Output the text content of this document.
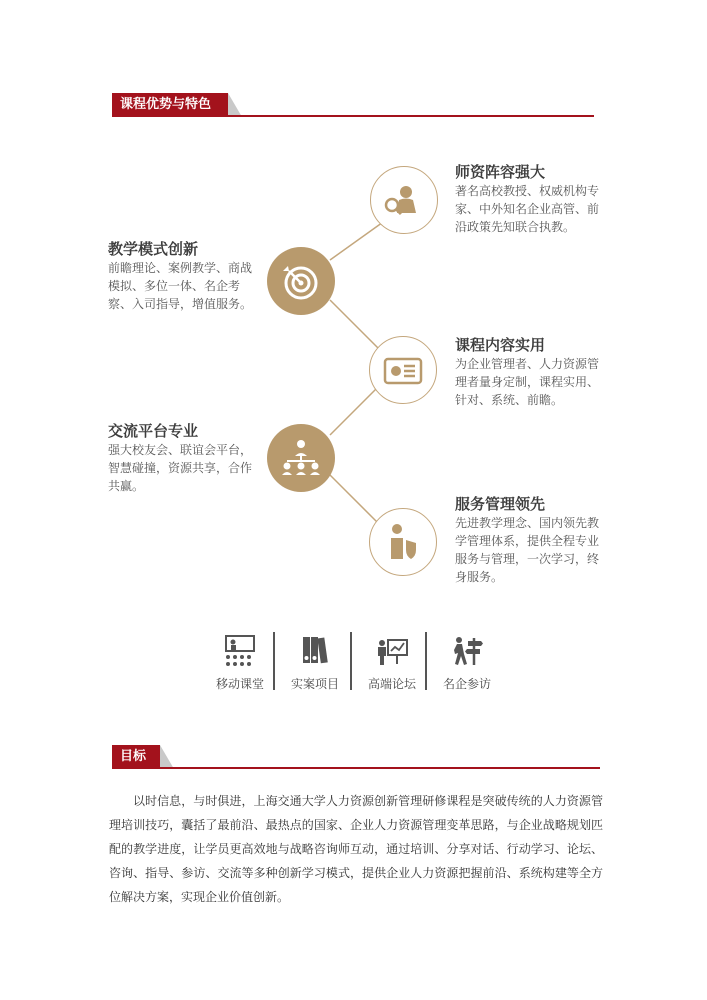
课程优势与特色
师资阵容强大
著名高校教授、权威机构专家、中外知名企业高管、前沿政策先知联合执教。
教学模式创新
前瞻理论、案例教学、商战模拟、多位一体、名企考察、入司指导，增值服务。
课程内容实用
为企业管理者、人力资源管理者量身定制，课程实用、针对、系统、前瞻。
交流平台专业
强大校友会、联谊会平台，智慧碰撞，资源共享，合作共赢。
服务管理领先
先进教学理念、国内领先教学管理体系，提供全程专业服务与管理，一次学习，终身服务。
移动课堂	实案项目	高端论坛	名企参访
目标
以时信息，与时俱进，上海交通大学人力资源创新管理研修课程是突破传统的人力资源管理培训技巧，囊括了最前沿、最热点的国家、企业人力资源管理变革思路，与企业战略规划匹配的教学进度，让学员更高效地与战略咨询师互动，通过培训、分享对话、行动学习、论坛、咨询、指导、参访、交流等多种创新学习模式，提供企业人力资源把握前沿、系统构建等全方位解决方案，实现企业价值创新。
